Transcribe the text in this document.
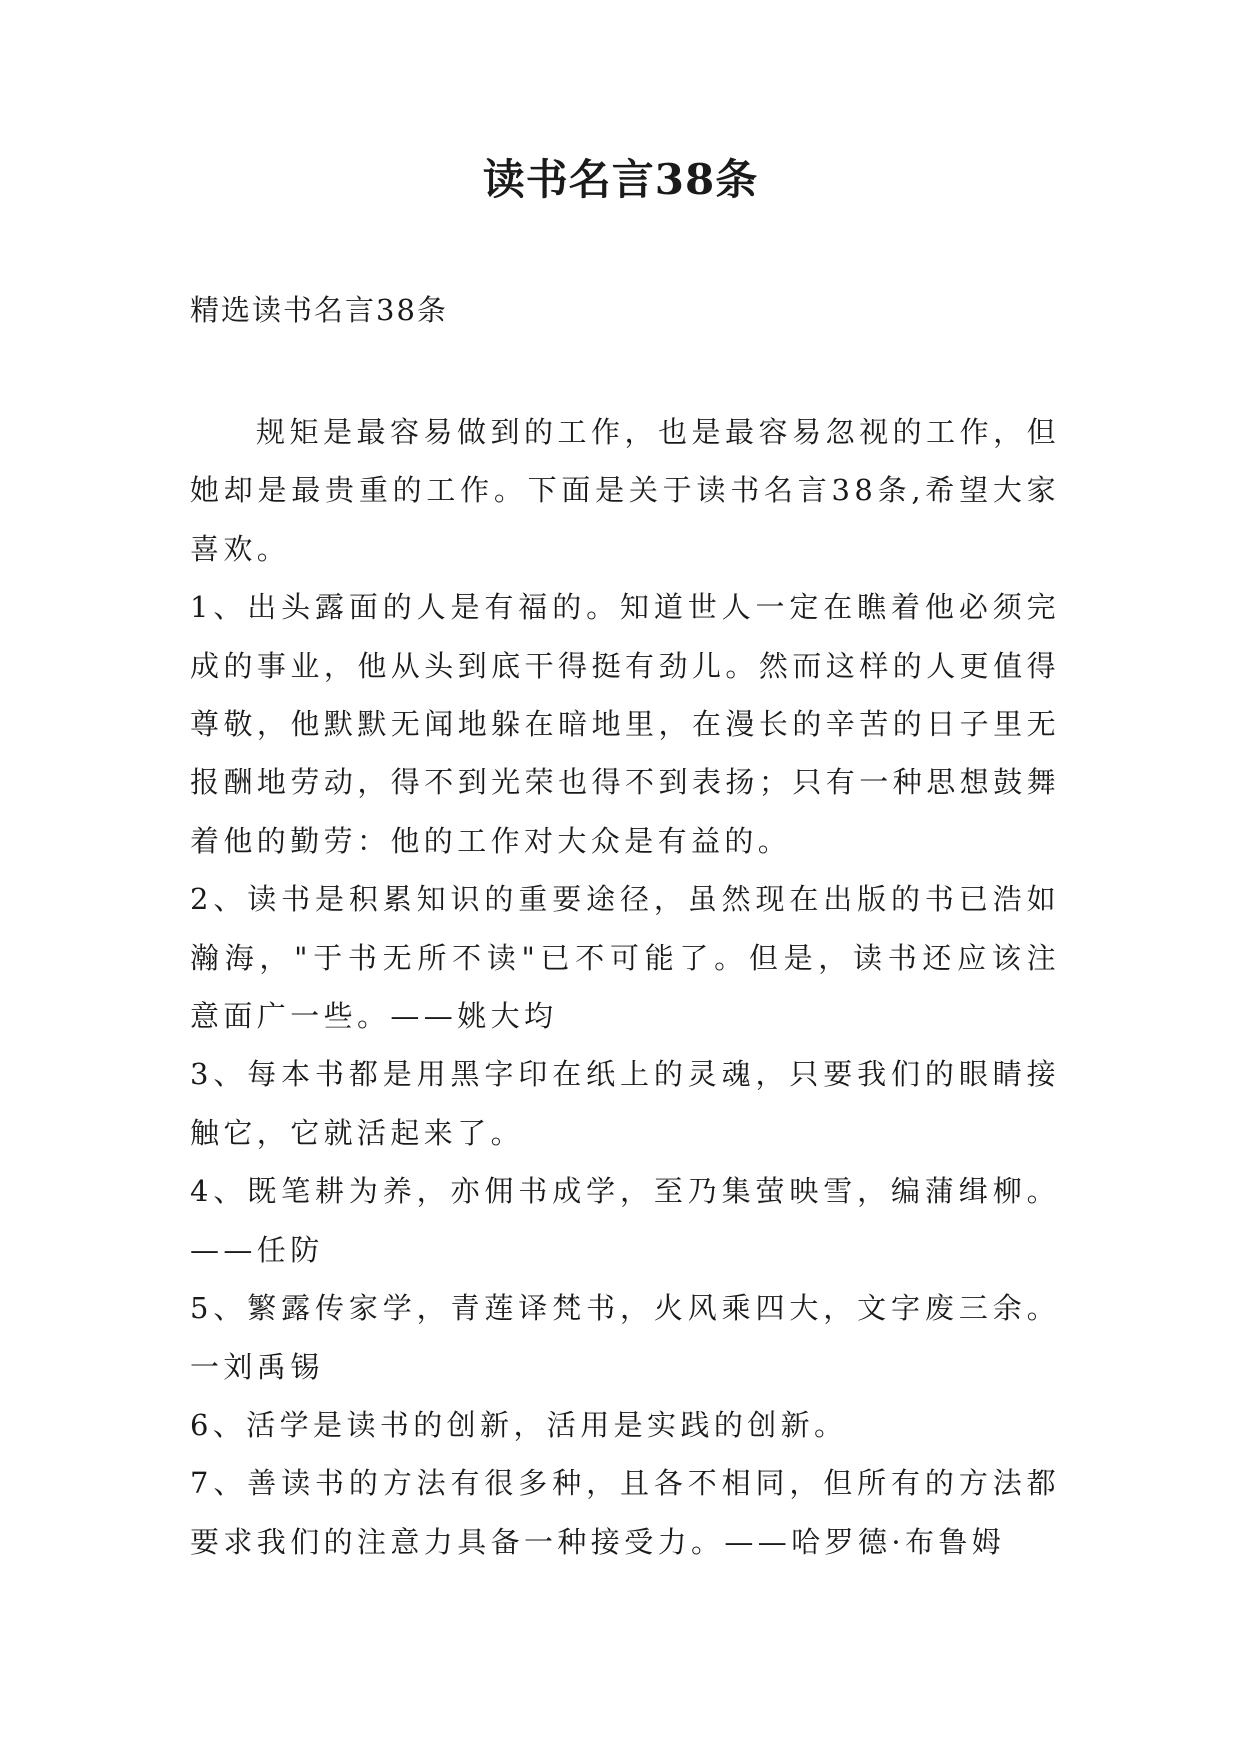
读书名言38条

精选读书名言38条

规矩是最容易做到的工作，也是最容易忽视的工作，但她却是最贵重的工作。下面是关于读书名言38条,希望大家喜欢。

1、出头露面的人是有福的。知道世人一定在瞧着他必须完成的事业，他从头到底干得挺有劲儿。然而这样的人更值得尊敬，他默默无闻地躲在暗地里，在漫长的辛苦的日子里无报酬地劳动，得不到光荣也得不到表扬；只有一种思想鼓舞着他的勤劳：他的工作对大众是有益的。

2、读书是积累知识的重要途径，虽然现在出版的书已浩如瀚海，"于书无所不读"已不可能了。但是，读书还应该注意面广一些。——姚大均

3、每本书都是用黑字印在纸上的灵魂，只要我们的眼睛接触它，它就活起来了。

4、既笔耕为养，亦佣书成学，至乃集萤映雪，编蒲缉柳。——任防

5、繁露传家学，青莲译梵书，火风乘四大，文字废三余。一刘禹锡

6、活学是读书的创新，活用是实践的创新。

7、善读书的方法有很多种，且各不相同，但所有的方法都要求我们的注意力具备一种接受力。——哈罗德·布鲁姆
